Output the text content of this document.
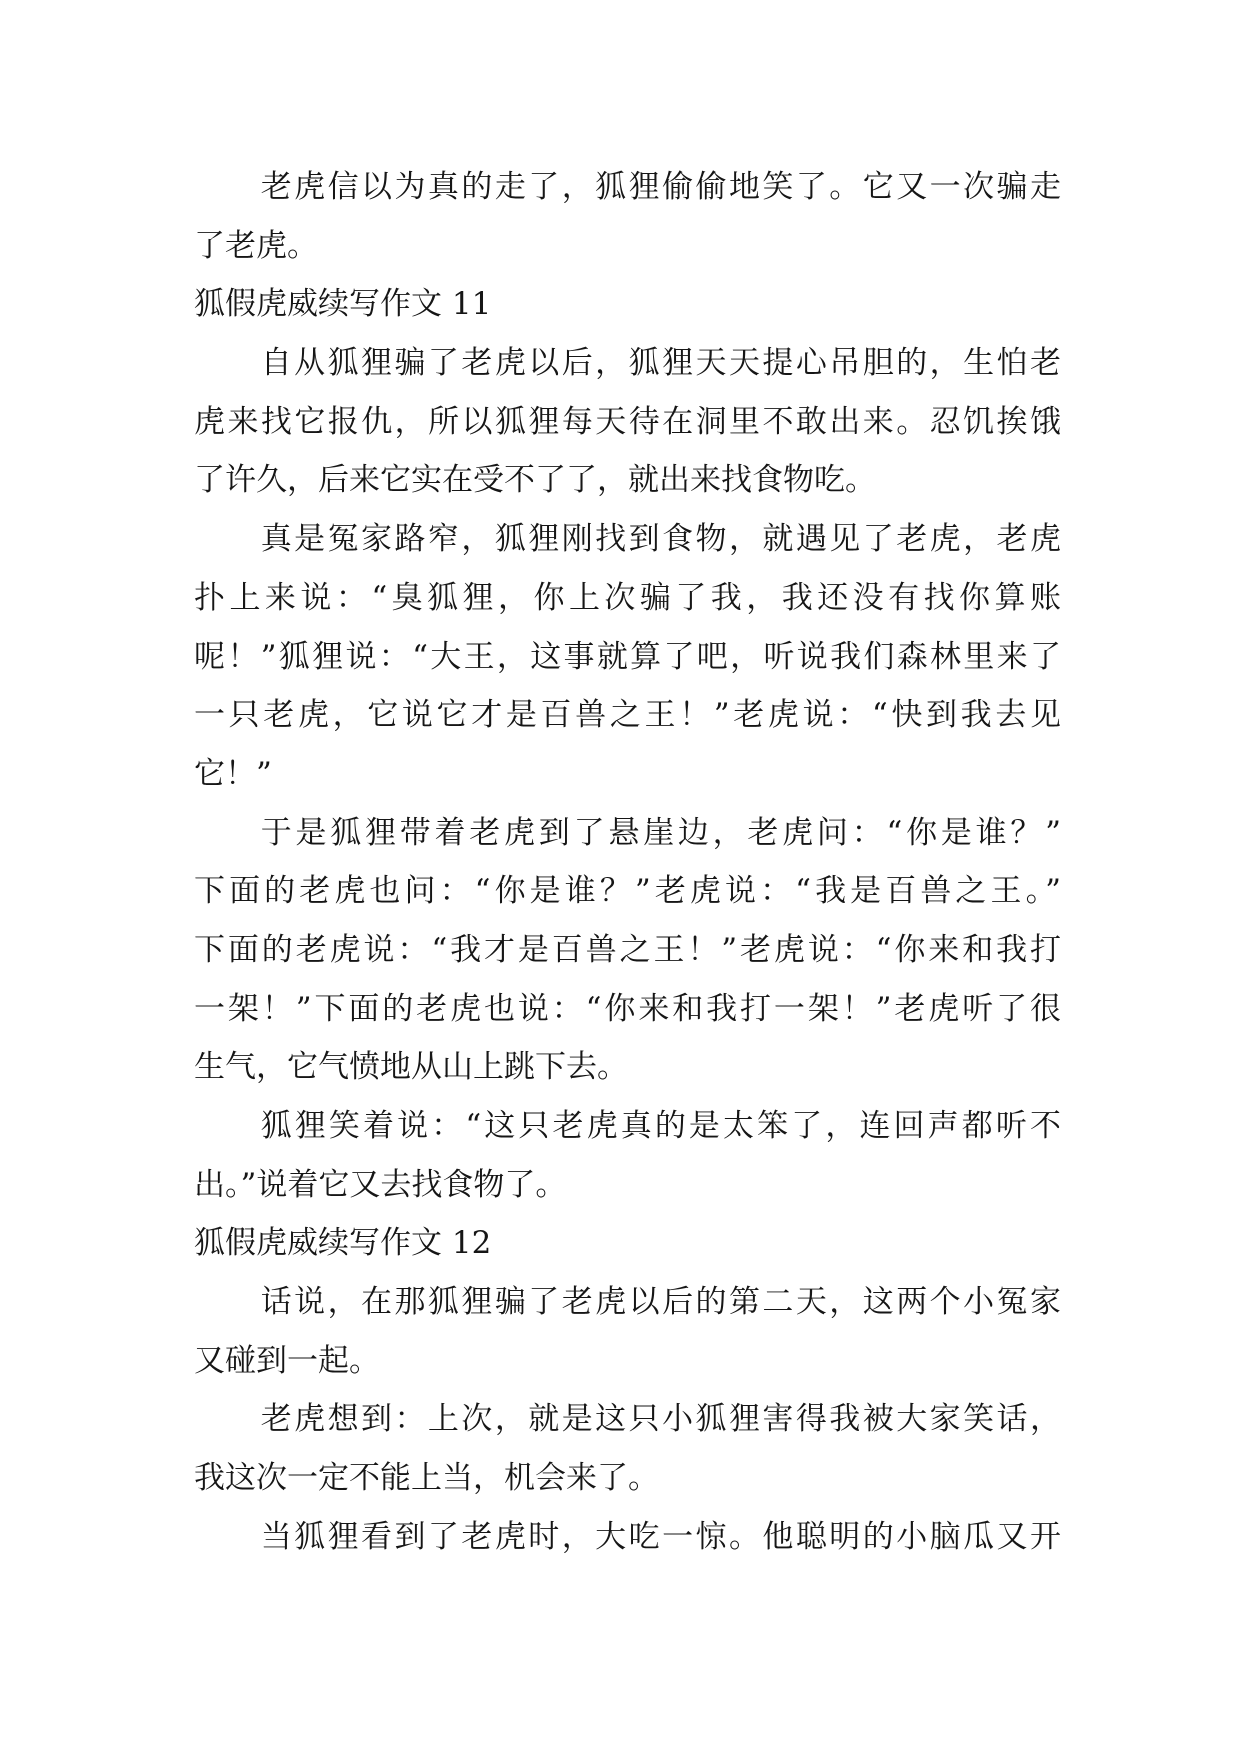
老虎信以为真的走了，狐狸偷偷地笑了。它又一次骗走
了老虎。
狐假虎威续写作文 11
自从狐狸骗了老虎以后，狐狸天天提心吊胆的，生怕老
虎来找它报仇，所以狐狸每天待在洞里不敢出来。忍饥挨饿
了许久，后来它实在受不了了，就出来找食物吃。
真是冤家路窄，狐狸刚找到食物，就遇见了老虎，老虎
扑上来说：“臭狐狸，你上次骗了我，我还没有找你算账
呢！”狐狸说：“大王，这事就算了吧，听说我们森林里来了
一只老虎，它说它才是百兽之王！”老虎说：“快到我去见
它！”
于是狐狸带着老虎到了悬崖边，老虎问：“你是谁？”
下面的老虎也问：“你是谁？”老虎说：“我是百兽之王。”
下面的老虎说：“我才是百兽之王！”老虎说：“你来和我打
一架！”下面的老虎也说：“你来和我打一架！”老虎听了很
生气，它气愤地从山上跳下去。
狐狸笑着说：“这只老虎真的是太笨了，连回声都听不
出。”说着它又去找食物了。
狐假虎威续写作文 12
话说，在那狐狸骗了老虎以后的第二天，这两个小冤家
又碰到一起。
老虎想到：上次，就是这只小狐狸害得我被大家笑话，
我这次一定不能上当，机会来了。
当狐狸看到了老虎时，大吃一惊。他聪明的小脑瓜又开
